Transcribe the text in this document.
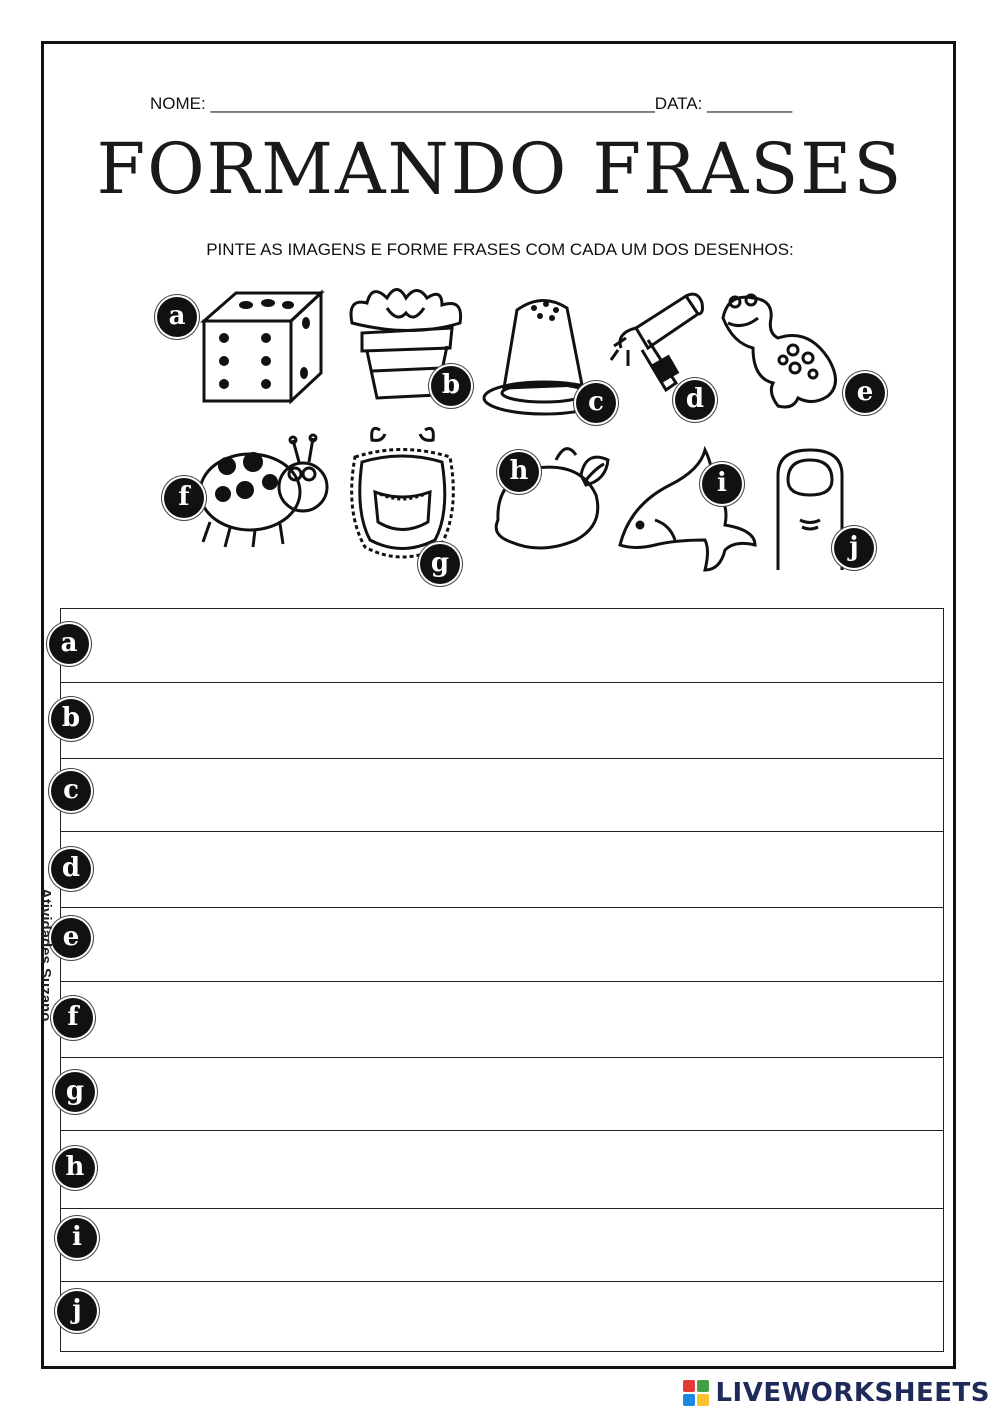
NOME: _______________________________________________DATA: _________
FORMANDO FRASES
PINTE AS IMAGENS E FORME FRASES COM CADA UM DOS DESENHOS:
a
b
c	d	e
f
g
h	i
j
a
b
c
d
e
f
g
h
i
j
Atividades Suzano
LIVEWORKSHEETS
